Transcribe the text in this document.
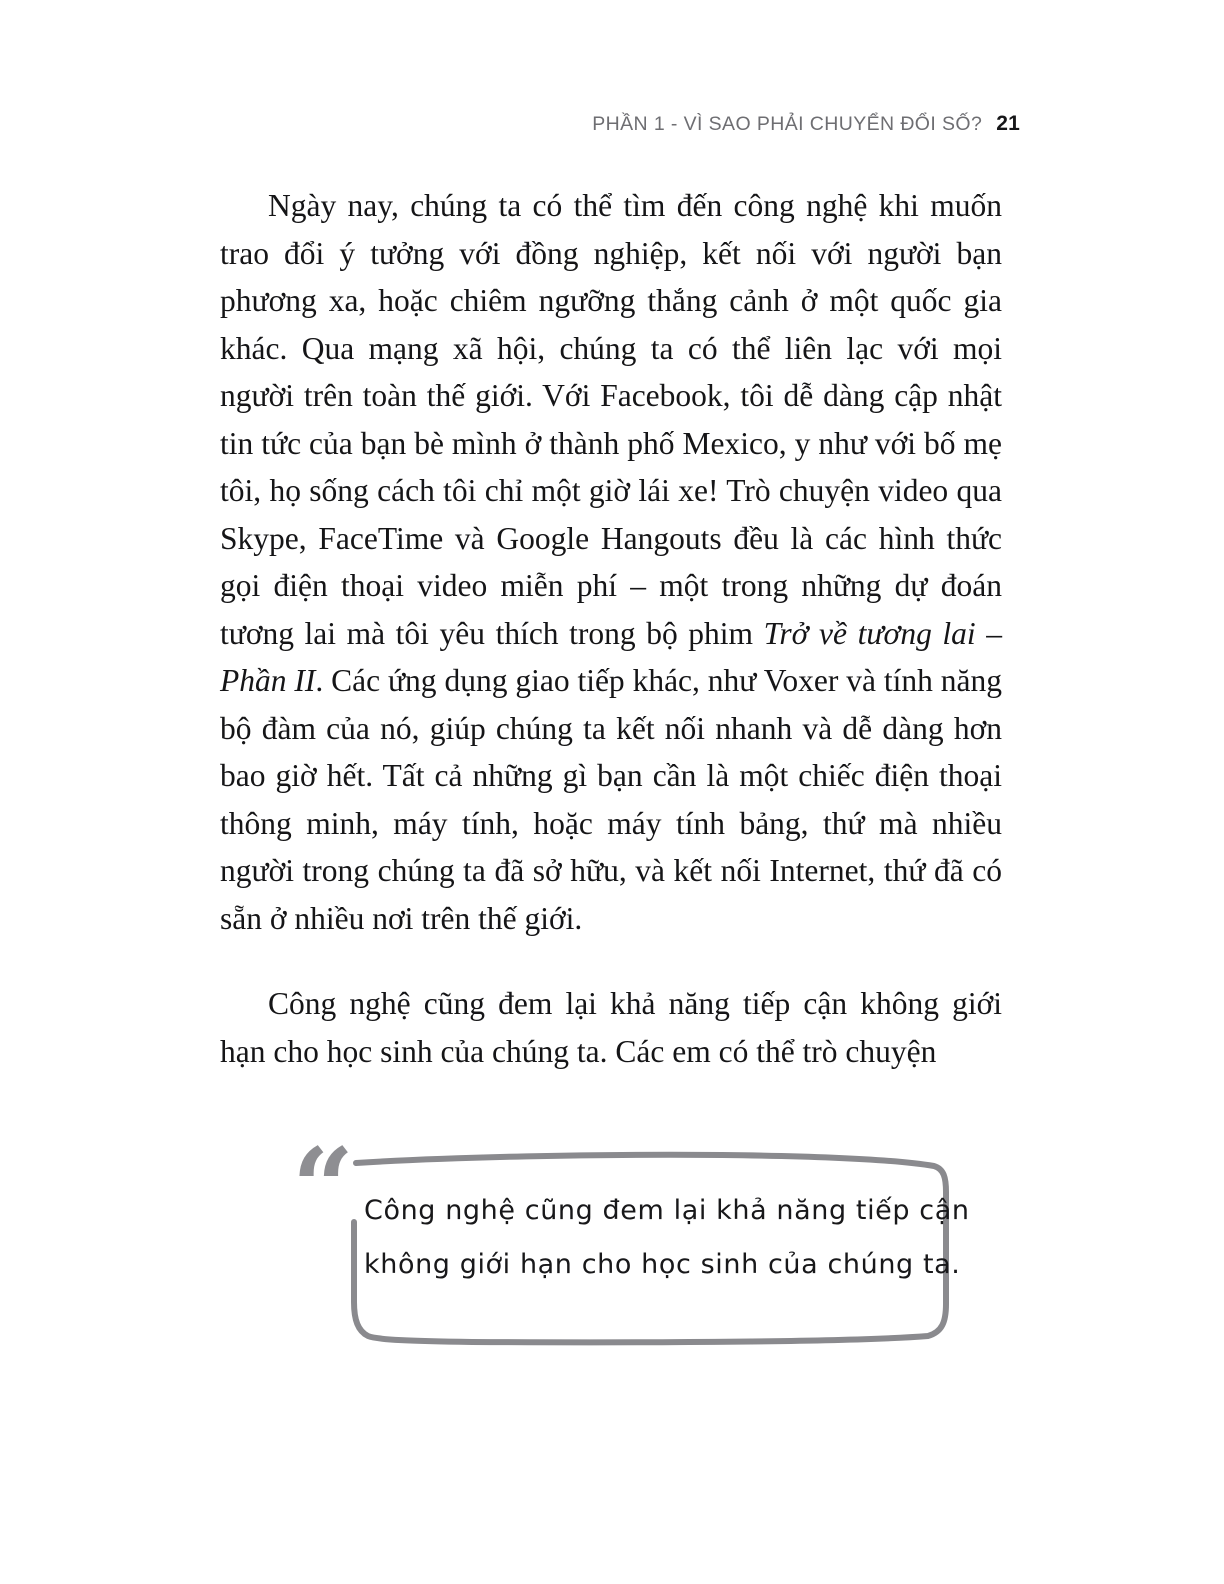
PHẦN 1 - VÌ SAO PHẢI CHUYỂN ĐỔI SỐ? 21

Ngày nay, chúng ta có thể tìm đến công nghệ khi muốn trao đổi ý tưởng với đồng nghiệp, kết nối với người bạn phương xa, hoặc chiêm ngưỡng thắng cảnh ở một quốc gia khác. Qua mạng xã hội, chúng ta có thể liên lạc với mọi người trên toàn thế giới. Với Facebook, tôi dễ dàng cập nhật tin tức của bạn bè mình ở thành phố Mexico, y như với bố mẹ tôi, họ sống cách tôi chỉ một giờ lái xe! Trò chuyện video qua Skype, FaceTime và Google Hangouts đều là các hình thức gọi điện thoại video miễn phí – một trong những dự đoán tương lai mà tôi yêu thích trong bộ phim Trở về tương lai – Phần II. Các ứng dụng giao tiếp khác, như Voxer và tính năng bộ đàm của nó, giúp chúng ta kết nối nhanh và dễ dàng hơn bao giờ hết. Tất cả những gì bạn cần là một chiếc điện thoại thông minh, máy tính, hoặc máy tính bảng, thứ mà nhiều người trong chúng ta đã sở hữu, và kết nối Internet, thứ đã có sẵn ở nhiều nơi trên thế giới.

Công nghệ cũng đem lại khả năng tiếp cận không giới hạn cho học sinh của chúng ta. Các em có thể trò chuyện

“ Công nghệ cũng đem lại khả năng tiếp cận
không giới hạn cho học sinh của chúng ta.
